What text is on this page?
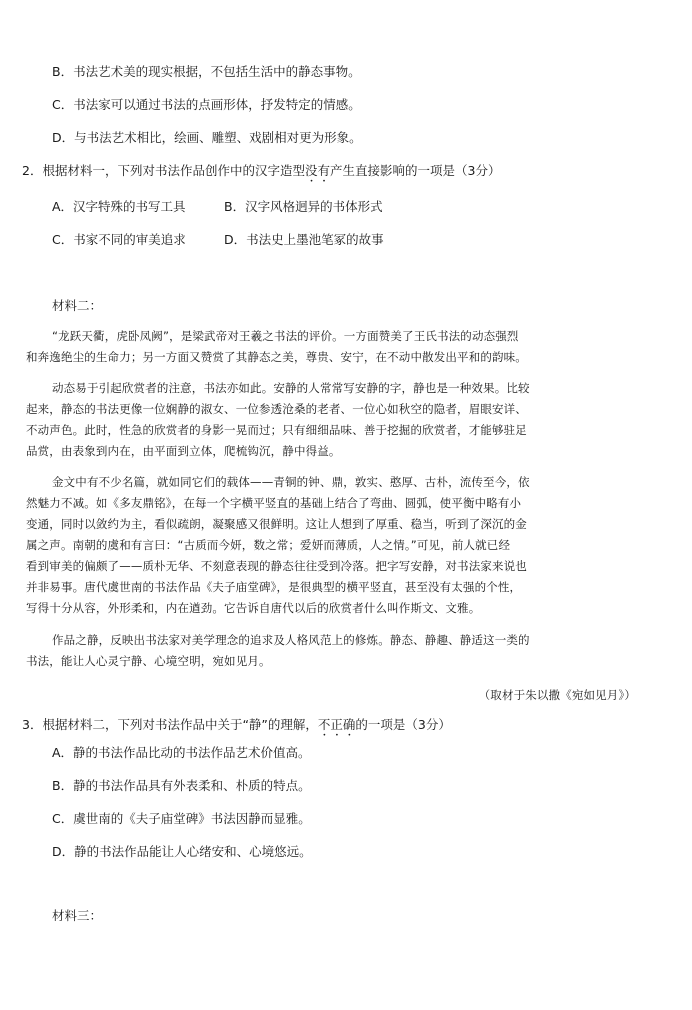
B．书法艺术美的现实根据，不包括生活中的静态事物。
C．书法家可以通过书法的点画形体，抒发特定的情感。
D．与书法艺术相比，绘画、雕塑、戏剧相对更为形象。
2．根据材料一，下列对书法作品创作中的汉字造型没有产生直接影响的一项是（3分）
A．汉字特殊的书写工具	B．汉字风格迥异的书体形式
C．书家不同的审美追求	D．书法史上墨池笔冢的故事
材料二：
“龙跃天衢，虎卧凤阙”，是梁武帝对王羲之书法的评价。一方面赞美了王氏书法的动态强烈
和奔逸绝尘的生命力；另一方面又赞赏了其静态之美，尊贵、安宁，在不动中散发出平和的韵味。
动态易于引起欣赏者的注意，书法亦如此。安静的人常常写安静的字，静也是一种效果。比较
起来，静态的书法更像一位娴静的淑女、一位参透沧桑的老者、一位心如秋空的隐者，眉眼安详、
不动声色。此时，性急的欣赏者的身影一晃而过；只有细细品味、善于挖掘的欣赏者，才能够驻足
品赏，由表象到内在，由平面到立体，爬梳钩沉，静中得益。
金文中有不少名篇，就如同它们的载体——青铜的钟、鼎，敦实、憨厚、古朴，流传至今，依
然魅力不减。如《多友鼎铭》，在每一个字横平竖直的基础上结合了弯曲、圆弧，使平衡中略有小
变通，同时以敛约为主，看似疏朗，凝聚感又很鲜明。这让人想到了厚重、稳当，听到了深沉的金
属之声。南朝的虞和有言曰：“古质而今妍，数之常；爱妍而薄质，人之情。”可见，前人就已经
看到审美的偏颇了——质朴无华、不刻意表现的静态往往受到冷落。把字写安静，对书法家来说也
并非易事。唐代虞世南的书法作品《夫子庙堂碑》，是很典型的横平竖直，甚至没有太强的个性，
写得十分从容，外形柔和，内在遒劲。它告诉自唐代以后的欣赏者什么叫作斯文、文雅。
作品之静，反映出书法家对美学理念的追求及人格风范上的修炼。静态、静趣、静适这一类的
书法，能让人心灵宁静、心境空明，宛如见月。
（取材于朱以撒《宛如见月》）
3．根据材料二，下列对书法作品中关于“静”的理解，不正确的一项是（3分）
A．静的书法作品比动的书法作品艺术价值高。
B．静的书法作品具有外表柔和、朴质的特点。
C．虞世南的《夫子庙堂碑》书法因静而显雅。
D．静的书法作品能让人心绪安和、心境悠远。
材料三：
